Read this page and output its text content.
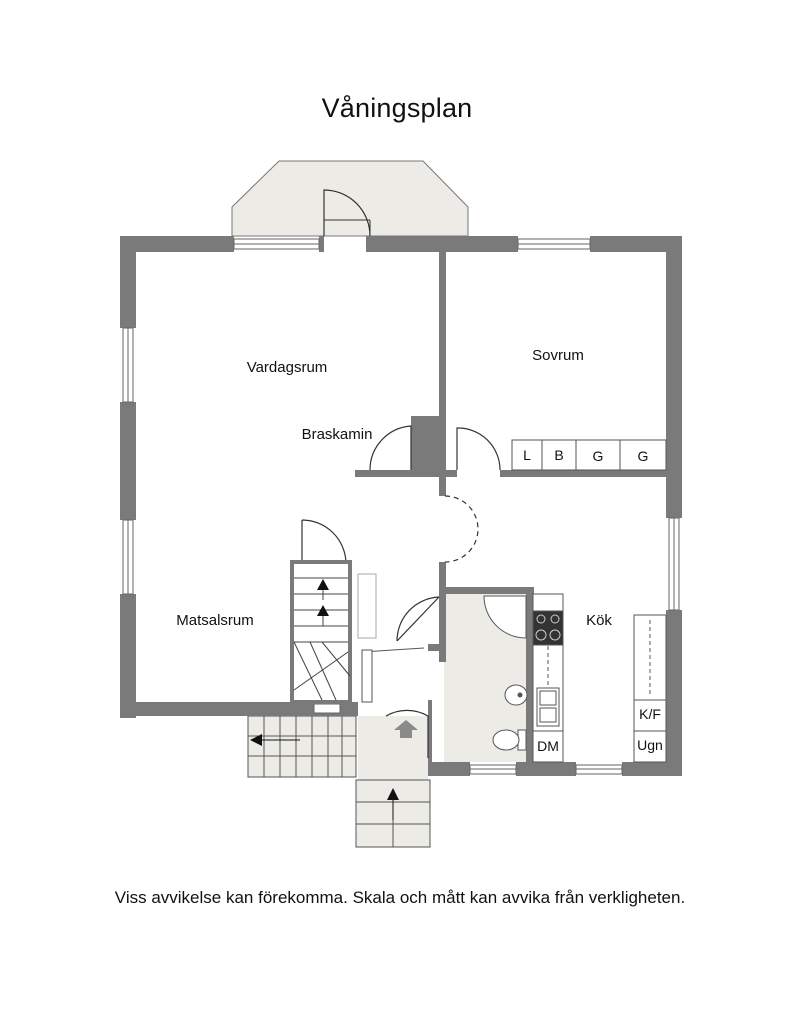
Våningsplan
Vardagsrum
Sovrum
Braskamin
Matsalsrum	Kök
L B G G
K/F
Ugn
DM
Viss avvikelse kan förekomma. Skala och mått kan avvika från verkligheten.
